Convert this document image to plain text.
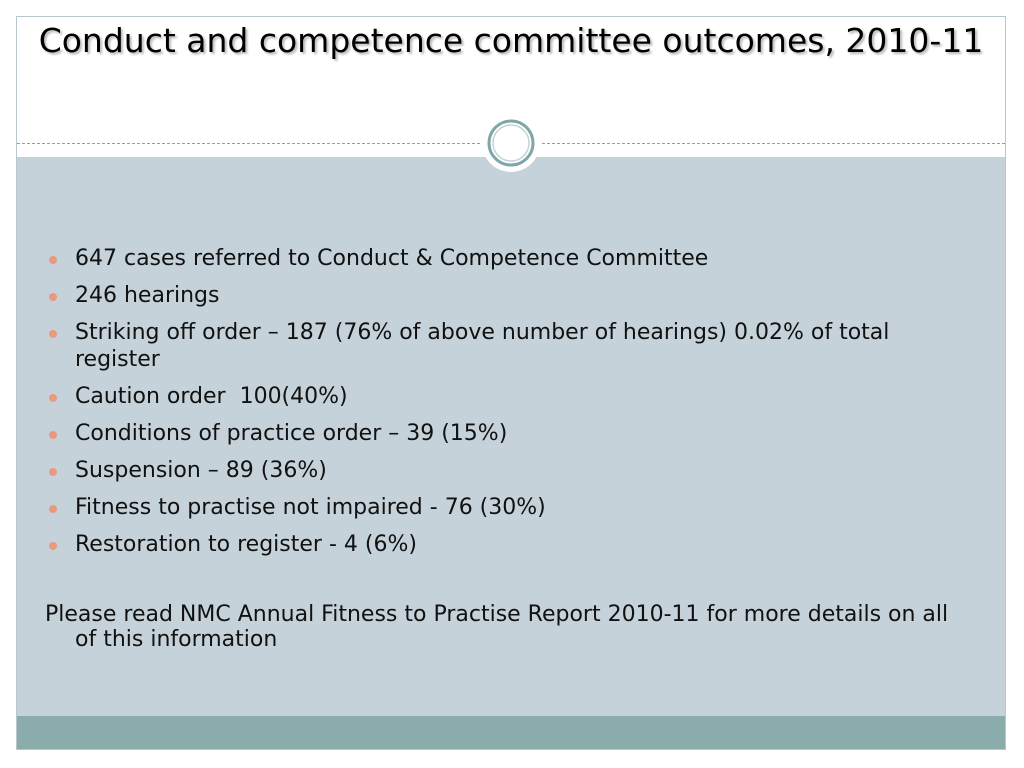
Conduct and competence committee outcomes, 2010-11
647 cases referred to Conduct & Competence Committee
246 hearings
Striking off order – 187 (76% of above number of hearings) 0.02% of total register
Caution order  100(40%)
Conditions of practice order – 39 (15%)
Suspension – 89 (36%)
Fitness to practise not impaired - 76 (30%)
Restoration to register - 4 (6%)
Please read NMC Annual Fitness to Practise Report 2010-11 for more details on all of this information
